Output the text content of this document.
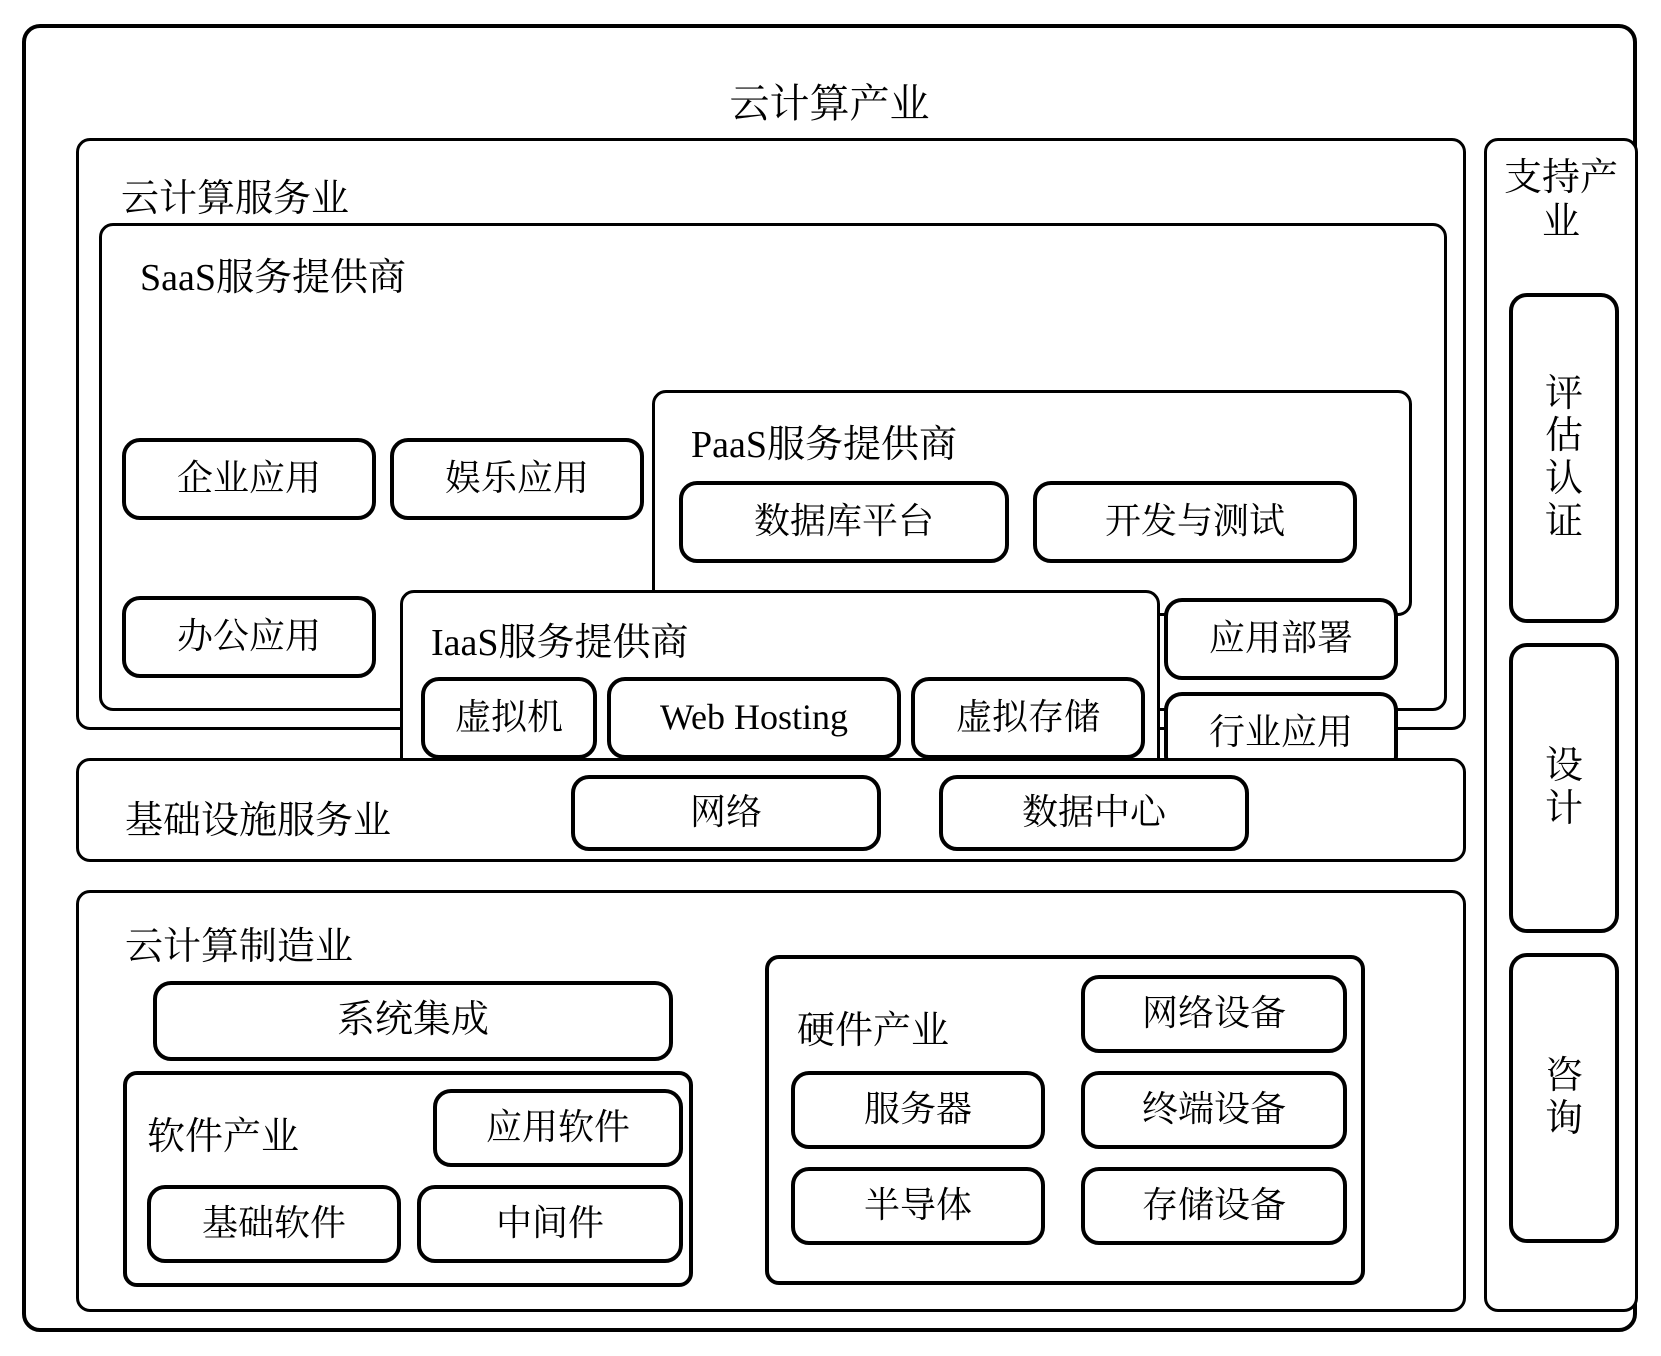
云计算产业
云计算服务业
SaaS服务提供商
企业应用	娱乐应用
办公应用
PaaS服务提供商
数据库平台	开发与测试
IaaS服务提供商
虚拟机	Web Hosting	虚拟存储
应用部署
行业应用
基础设施服务业	网络	数据中心
云计算制造业
系统集成
软件产业	应用软件
基础软件	中间件
硬件产业	网络设备
服务器	终端设备
半导体	存储设备
支持产业
评估认证
设计
咨询
